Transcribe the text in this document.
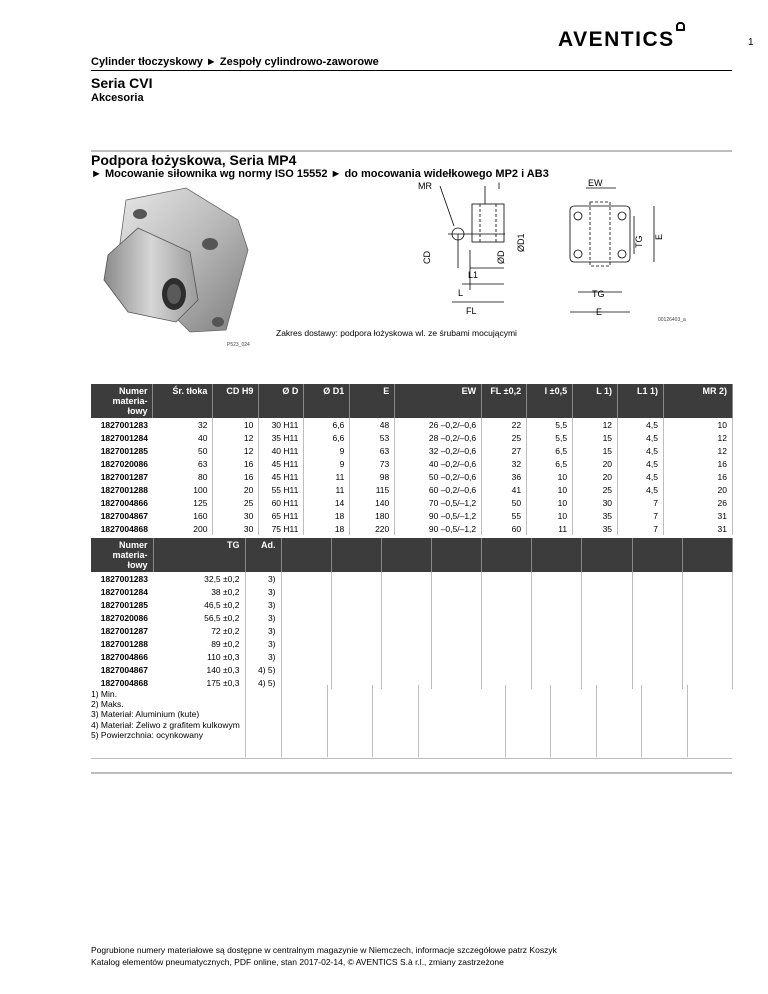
AVENTICS	1
Cylinder tłoczyskowy ► Zespoły cylindrowo-zaworowe
Seria CVI
Akcesoria
Podpora łożyskowa, Seria MP4
► Mocowanie siłownika wg normy ISO 15552 ► do mocowania widełkowego MP2 i AB3
P523_024
MR	l	EW
CD	ØD
ØD1	TG E
L1
L
FL
TG
E
00126403_a
Zakres dostawy: podpora łożyskowa wl. ze śrubami mocującymi
Numer materia-
łowy	Śr. tłoka	CD H9	Ø D	Ø D1	E	EW	FL ±0,2	l ±0,5	L 1)	L1 1)	MR 2)
1827001283	32	10	30 H11	6,6	48	26 –0,2/–0,6	22	5,5	12	4,5	10
1827001284	40	12	35 H11	6,6	53	28 –0,2/–0,6	25	5,5	15	4,5	12
1827001285	50	12	40 H11	9	63	32 –0,2/–0,6	27	6,5	15	4,5	12
1827020086	63	16	45 H11	9	73	40 –0,2/–0,6	32	6,5	20	4,5	16
1827001287	80	16	45 H11	11	98	50 –0,2/–0,6	36	10	20	4,5	16
1827001288	100	20	55 H11	11	115	60 –0,2/–0,6	41	10	25	4,5	20
1827004866	125	25	60 H11	14	140	70 –0,5/–1,2	50	10	30	7	26
1827004867	160	30	65 H11	18	180	90 –0,5/–1,2	55	10	35	7	31
1827004868	200	30	75 H11	18	220	90 –0,5/–1,2	60	11	35	7	31
Numer materia-
łowy	TG	Ad.									
1827001283	32,5 ±0,2	3)									
1827001284	38 ±0,2	3)									
1827001285	46,5 ±0,2	3)									
1827020086	56,5 ±0,2	3)									
1827001287	72 ±0,2	3)									
1827001288	89 ±0,2	3)									
1827004866	110 ±0,3	3)									
1827004867	140 ±0,3	4) 5)									
1827004868	175 ±0,3	4) 5)									
1) Min.
2) Maks.
3) Materiał: Aluminium (kute)
4) Materiał: Żeliwo z grafitem kulkowym
5) Powierzchnia: ocynkowany
Pogrubione numery materiałowe są dostępne w centralnym magazynie w Niemczech, informacje szczegółowe patrz Koszyk
Katalog elementów pneumatycznych, PDF online, stan 2017-02-14, © AVENTICS S.à r.l., zmiany zastrzeżone
